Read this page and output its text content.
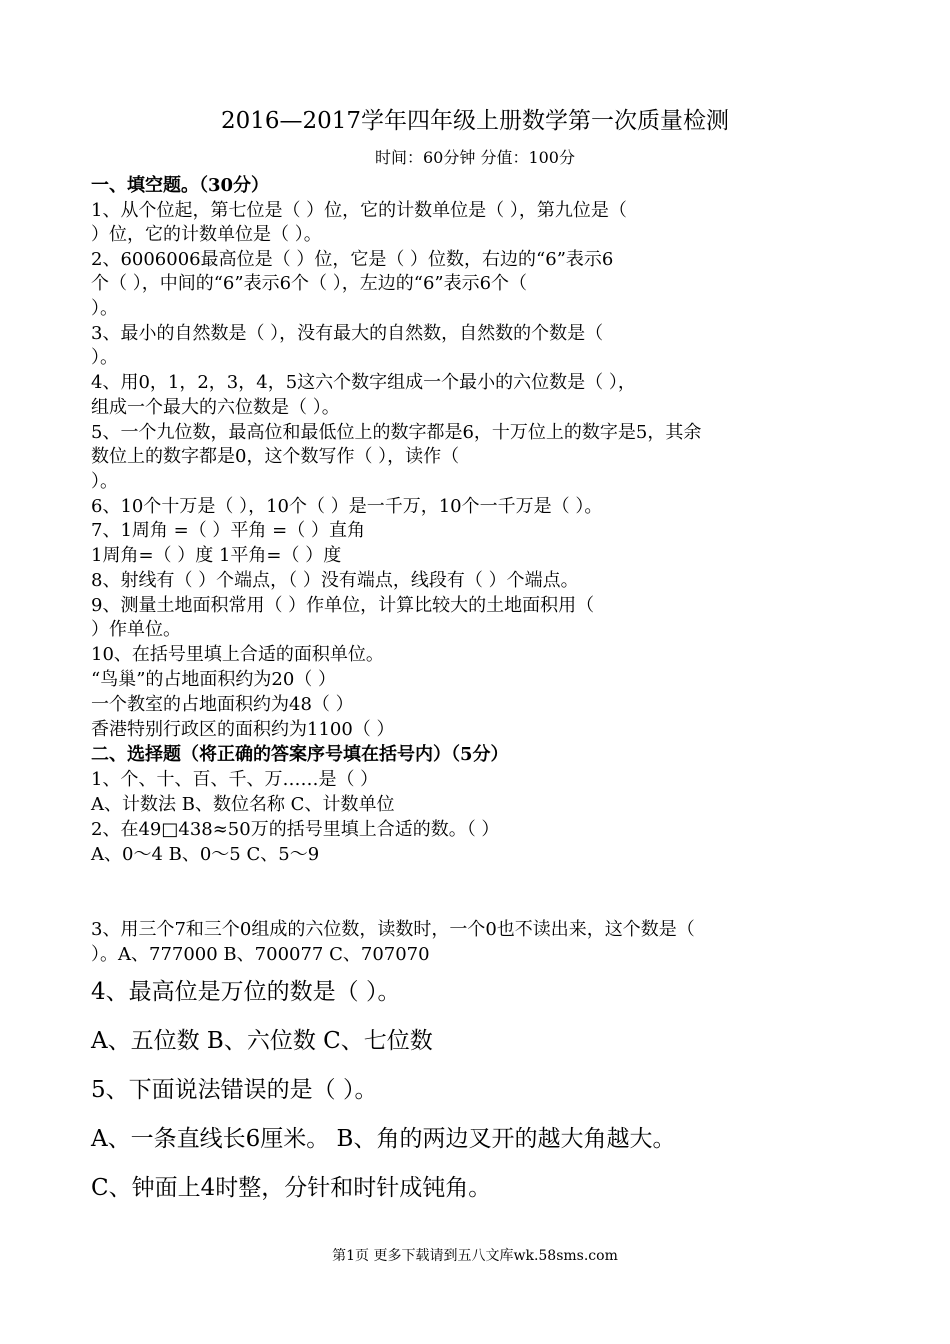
2016—2017学年四年级上册数学第一次质量检测
时间：60分钟 分值：100分
一、填空题。（30分）
1、从个位起，第七位是（ ）位，它的计数单位是（ ），第九位是（
）位，它的计数单位是（ ）。
2、6006006最高位是（ ）位，它是（ ）位数，右边的“6”表示6
个（ ），中间的“6”表示6个（ ），左边的“6”表示6个（
）。
3、最小的自然数是（ ），没有最大的自然数，自然数的个数是（
）。
4、用0，1，2，3，4，5这六个数字组成一个最小的六位数是（ ），
组成一个最大的六位数是（ ）。
5、一个九位数，最高位和最低位上的数字都是6，十万位上的数字是5，其余
数位上的数字都是0，这个数写作（ ），读作（
）。
6、10个十万是（ ），10个（ ）是一千万，10个一千万是（ ）。
7、1周角 =（ ）平角 =（ ）直角
1周角=（ ）度 1平角=（ ）度
8、射线有（ ）个端点，（ ）没有端点，线段有（ ）个端点。
9、测量土地面积常用（ ）作单位，计算比较大的土地面积用（
）作单位。
10、在括号里填上合适的面积单位。
“鸟巢”的占地面积约为20（ ）
一个教室的占地面积约为48（ ）
香港特别行政区的面积约为1100（ ）
二、选择题（将正确的答案序号填在括号内）（5分）
1、个、十、百、千、万……是（ ）
A、计数法 B、数位名称 C、计数单位
2、在49□438≈50万的括号里填上合适的数。（ ）
A、0～4 B、0～5 C、5～9
3、用三个7和三个0组成的六位数，读数时，一个0也不读出来，这个数是（
）。A、777000 B、700077 C、707070
4、最高位是万位的数是（ ）。
A、五位数 B、六位数 C、七位数
5、下面说法错误的是（ ）。
A、一条直线长6厘米。 B、角的两边叉开的越大角越大。
C、钟面上4时整，分针和时针成钝角。
第1页 更多下载请到五八文库wk.58sms.com
